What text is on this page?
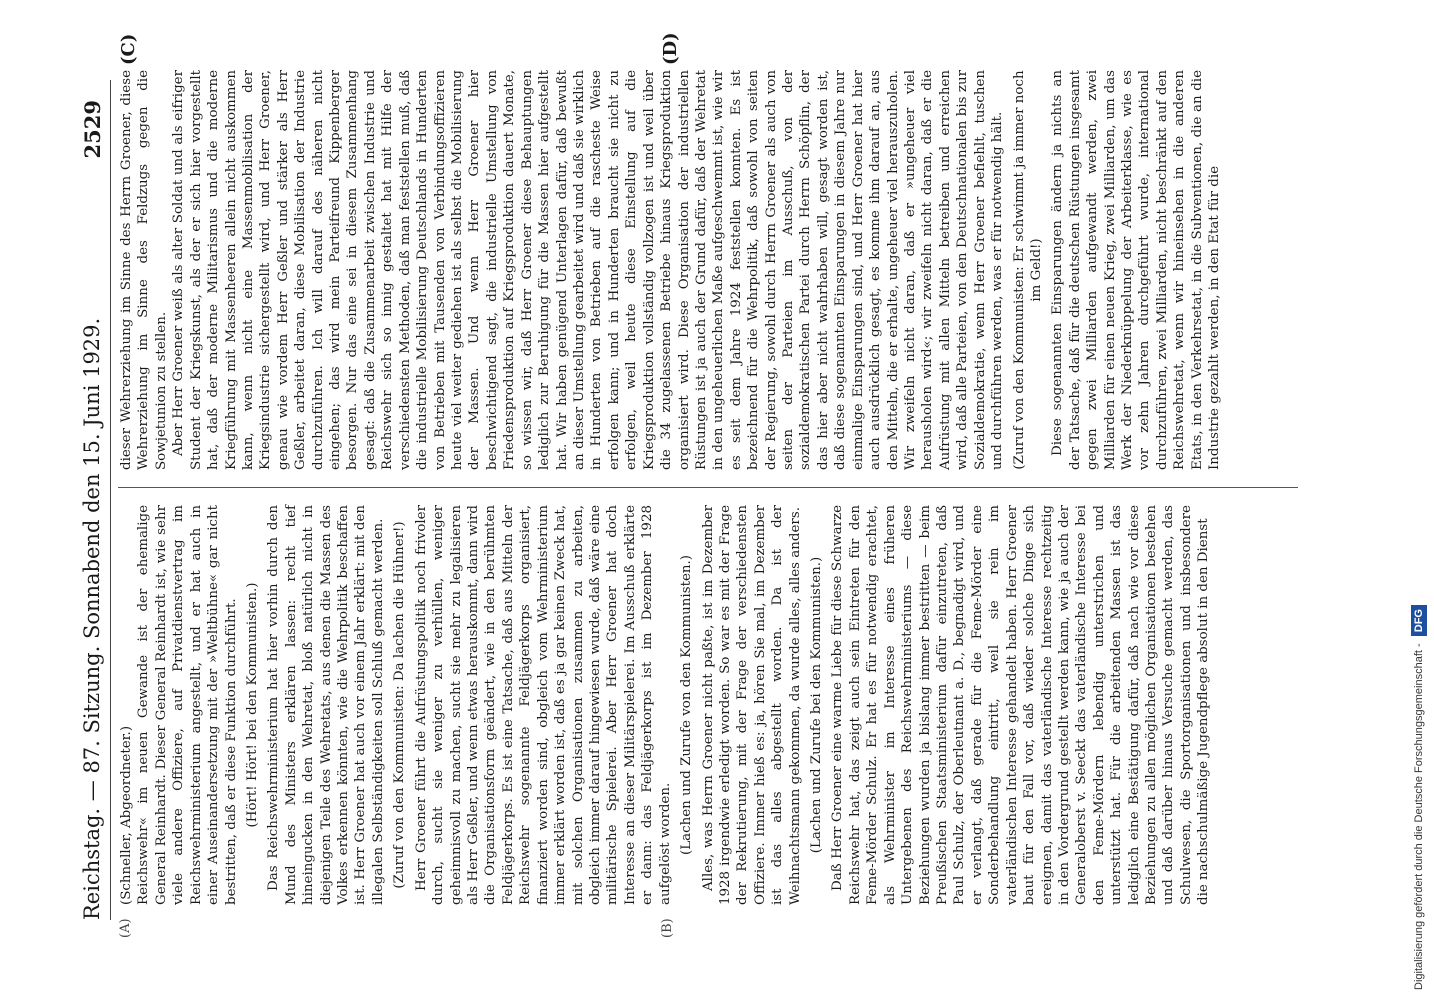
Reichstag. — 87. Sitzung. Sonnabend den 15. Juni 1929.
2529
(A)	(B)
(C)	(D)

(Schneller, Abgeordneter.) Reichswehr« im neuen Gewande ist der ehemalige General Reinhardt. Dieser General Reinhardt ist, wie sehr viele andere Offiziere, auf Privatdienstvertrag im Reichswehrministerium angestellt, und er hat auch in einer Auseinandersetzung mit der »Weltbühne« gar nicht bestritten, daß er diese Funktion durchführt. (Hört! Hört! bei den Kommunisten.) Das Reichswehrministerium hat hier vorhin durch den Mund des Ministers erklären lassen: recht tief hineingucken in den Wehretat, bloß natürlich nicht in diejenigen Teile des Wehretats, aus denen die Massen des Volkes erkennen könnten, wie die Wehrpolitik beschaffen ist. Herr Groener hat auch vor einem Jahr erklärt: mit den illegalen Selbständigkeiten soll Schluß gemacht werden. (Zuruf von den Kommunisten: Da lachen die Hühner!) Herr Groener führt die Aufrüstungspolitik noch frivoler durch, sucht sie weniger zu verhüllen, weniger geheimnisvoll zu machen, sucht sie mehr zu legalisieren als Herr Geßler, und wenn etwas herauskommt, dann wird die Organisationsform geändert, wie in den berühmten Feldjägerkorps. Es ist eine Tatsache, daß aus Mitteln der Reichswehr sogenannte Feldjägerkorps organisiert, finanziert worden sind, obgleich vom Wehrministerium immer erklärt worden ist, daß es ja gar keinen Zweck hat, mit solchen Organisationen zusammen zu arbeiten, obgleich immer darauf hingewiesen wurde, daß wäre eine militärische Spielerei. Aber Herr Groener hat doch Interesse an dieser Militärspielerei. Im Ausschuß erklärte er dann: das Feldjägerkorps ist im Dezember 1928 aufgelöst worden. (Lachen und Zurufe von den Kommunisten.) Alles, was Herrn Groener nicht paßte, ist im Dezember 1928 irgendwie erledigt worden. So war es mit der Frage der Rekrutierung, mit der Frage der verschiedensten Offiziere. Immer hieß es: ja, hören Sie mal, im Dezember ist das alles abgestellt worden. Da ist der Weihnachtsmann gekommen, da wurde alles, alles anders. (Lachen und Zurufe bei den Kommunisten.) Daß Herr Groener eine warme Liebe für diese Schwarze Reichswehr hat, das zeigt auch sein Eintreten für den Feme-Mörder Schulz. Er hat es für notwendig erachtet, als Wehrminister im Interesse eines früheren Untergebenen des Reichswehrministeriums — diese Beziehungen wurden ja bislang immer bestritten — beim Preußischen Staatsministerium dafür einzutreten, daß Paul Schulz, der Oberleutnant a. D., begnadigt wird, und er verlangt, daß gerade für die Feme-Mörder eine Sonderbehandlung eintritt, weil sie rein im vaterländischen Interesse gehandelt haben. Herr Groener baut für den Fall vor, daß wieder solche Dinge sich ereignen, damit das vaterländische Interesse rechtzeitig in den Vordergrund gestellt werden kann, wie ja auch der Generaloberst v. Seeckt das vaterländische Interesse bei den Feme-Mördern lebendig unterstrichen und unterstützt hat. Für die arbeitenden Massen ist das lediglich eine Bestätigung dafür, daß nach wie vor diese Beziehungen zu allen möglichen Organisationen bestehen und daß darüber hinaus Versuche gemacht werden, das Schulwesen, die Sportorganisationen und insbesondere die nachschulmäßige Jugendpflege absolut in den Dienst

dieser Wehrerziehung im Sinne des Herrn Groener, diese Wehrerziehung im Sinne des Feldzugs gegen die Sowjetunion zu stellen. Aber Herr Groener weiß als alter Soldat und als eifriger Student der Kriegskunst, als der er sich hier vorgestellt hat, daß der moderne Militarismus und die moderne Kriegführung mit Massenheeren allein nicht auskommen kann, wenn nicht eine Massenmobilisation der Kriegsindustrie sichergestellt wird, und Herr Groener, genau wie vordem Herr Geßler und stärker als Herr Geßler, arbeitet daran, diese Mobilisation der Industrie durchzuführen. Ich will darauf des näheren nicht eingehen; das wird mein Parteifreund Kippenberger besorgen. Nur das eine sei in diesem Zusammenhang gesagt: daß die Zusammenarbeit zwischen Industrie und Reichswehr sich so innig gestaltet hat mit Hilfe der verschiedensten Methoden, daß man feststellen muß, daß die industrielle Mobilisierung Deutschlands in Hunderten von Betrieben mit Tausenden von Verbindungsoffizieren heute viel weiter gediehen ist als selbst die Mobilisierung der Massen. Und wenn Herr Groener hier beschwichtigend sagt, die industrielle Umstellung von Friedensproduktion auf Kriegsproduktion dauert Monate, so wissen wir, daß Herr Groener diese Behauptungen lediglich zur Beruhigung für die Massen hier aufgestellt hat. Wir haben genügend Unterlagen dafür, daß bewußt an dieser Umstellung gearbeitet wird und daß sie wirklich in Hunderten von Betrieben auf die rascheste Weise erfolgen kann; und in Hunderten braucht sie nicht zu erfolgen, weil heute diese Einstellung auf die Kriegsproduktion vollständig vollzogen ist und weil über die 34 zugelassenen Betriebe hinaus Kriegsproduktion organisiert wird. Diese Organisation der industriellen Rüstungen ist ja auch der Grund dafür, daß der Wehretat in den ungeheuerlichen Maße aufgeschwemmt ist, wie wir es seit dem Jahre 1924 feststellen konnten. Es ist bezeichnend für die Wehrpolitik, daß sowohl von seiten der Regierung, sowohl durch Herrn Groener als auch von seiten der Parteien im Ausschuß, von der sozialdemokratischen Partei durch Herrn Schöpflin, der das hier aber nicht wahrhaben will, gesagt worden ist, daß diese sogenannten Einsparungen in diesem Jahre nur einmalige Einsparungen sind, und Herr Groener hat hier auch ausdrücklich gesagt, es komme ihm darauf an, aus den Mitteln, die er erhalte, ungeheuer viel herauszuholen. Wir zweifeln nicht daran, daß er »ungeheuer viel herausholen wird«; wir zweifeln nicht daran, daß er die Aufrüstung mit allen Mitteln betreiben und erreichen wird, daß alle Parteien, von den Deutschnationalen bis zur Sozialdemokratie, wenn Herr Groener befiehlt, tuschen und durchführen werden, was er für notwendig hält. (Zuruf von den Kommunisten: Er schwimmt ja immer noch im Geld!) Diese sogenannten Einsparungen ändern ja nichts an der Tatsache, daß für die deutschen Rüstungen insgesamt gegen zwei Milliarden aufgewandt werden, zwei Milliarden für einen neuen Krieg, zwei Milliarden, um das Werk der Niederknüppelung der Arbeiterklasse, wie es vor zehn Jahren durchgeführt wurde, international durchzuführen, zwei Milliarden, nicht beschränkt auf den Reichswehretat, wenn wir hineinsehen in die anderen Etats, in den Verkehrsetat, in die Subventionen, die an die Industrie gezahlt werden, in den Etat für die

Digitalisierung gefördert durch die Deutsche Forschungsgemeinschaft - DFG
